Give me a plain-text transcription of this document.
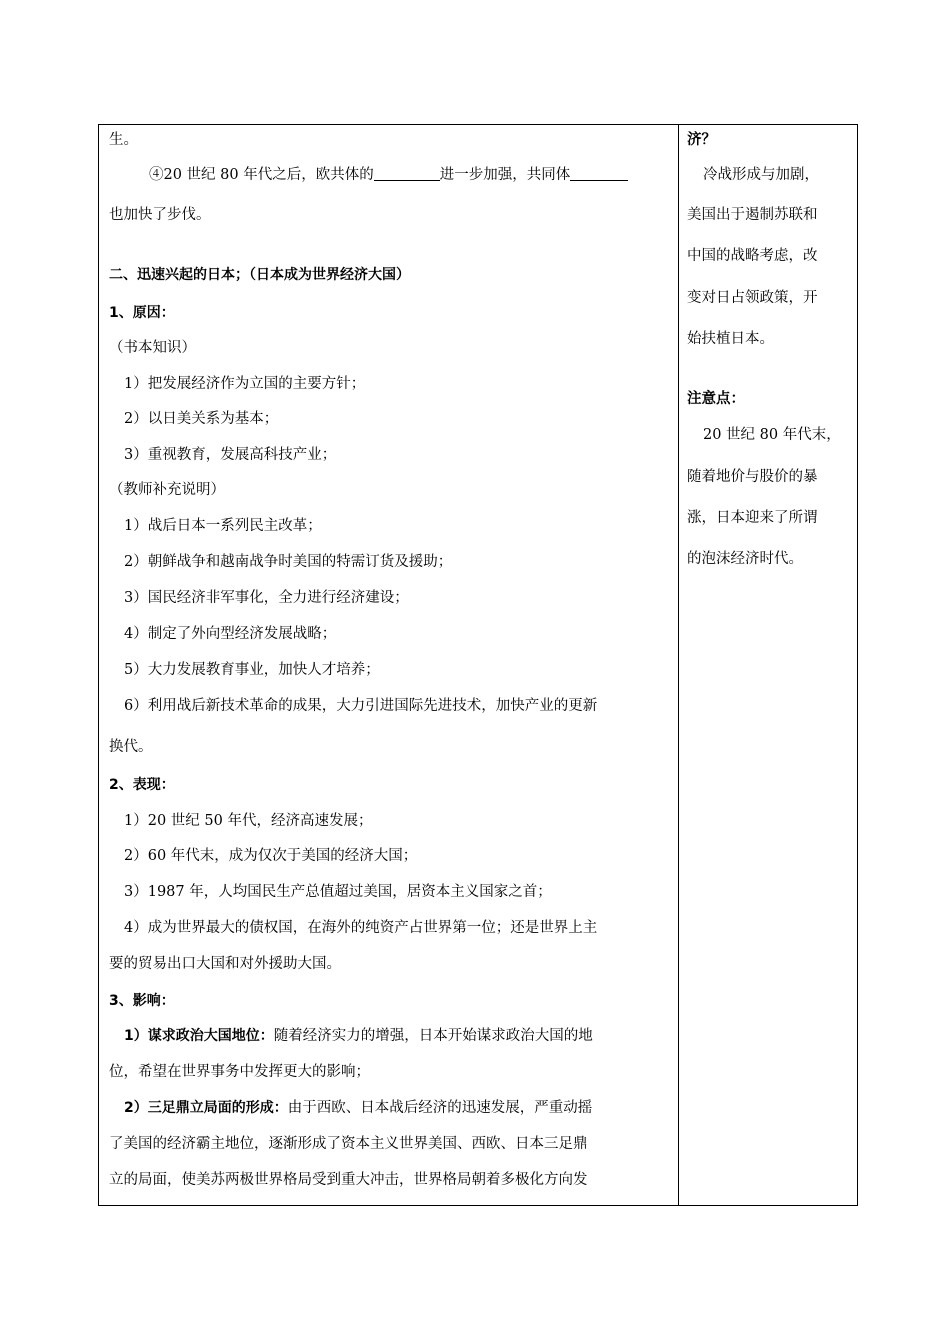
生。
④20 世纪 80 年代之后，欧共体的	进一步加强，共同体
也加快了步伐。
二、迅速兴起的日本；（日本成为世界经济大国）
1、原因：
（书本知识）
1）把发展经济作为立国的主要方针；
2）以日美关系为基本；
3）重视教育，发展高科技产业；
（教师补充说明）
1）战后日本一系列民主改革；
2）朝鲜战争和越南战争时美国的特需订货及援助；
3）国民经济非军事化，全力进行经济建设；
4）制定了外向型经济发展战略；
5）大力发展教育事业，加快人才培养；
6）利用战后新技术革命的成果，大力引进国际先进技术，加快产业的更新
换代。
2、表现：
1）20 世纪 50 年代，经济高速发展；
2）60 年代末，成为仅次于美国的经济大国；
3）1987 年，人均国民生产总值超过美国，居资本主义国家之首；
4）成为世界最大的债权国，在海外的纯资产占世界第一位；还是世界上主
要的贸易出口大国和对外援助大国。
3、影响：
1）谋求政治大国地位：随着经济实力的增强，日本开始谋求政治大国的地
位，希望在世界事务中发挥更大的影响；
2）三足鼎立局面的形成：由于西欧、日本战后经济的迅速发展，严重动摇
了美国的经济霸主地位，逐渐形成了资本主义世界美国、西欧、日本三足鼎
立的局面，使美苏两极世界格局受到重大冲击，世界格局朝着多极化方向发
济？
冷战形成与加剧，
美国出于遏制苏联和
中国的战略考虑，改
变对日占领政策，开
始扶植日本。
注意点：
20 世纪 80 年代末，
随着地价与股价的暴
涨，日本迎来了所谓
的泡沫经济时代。
